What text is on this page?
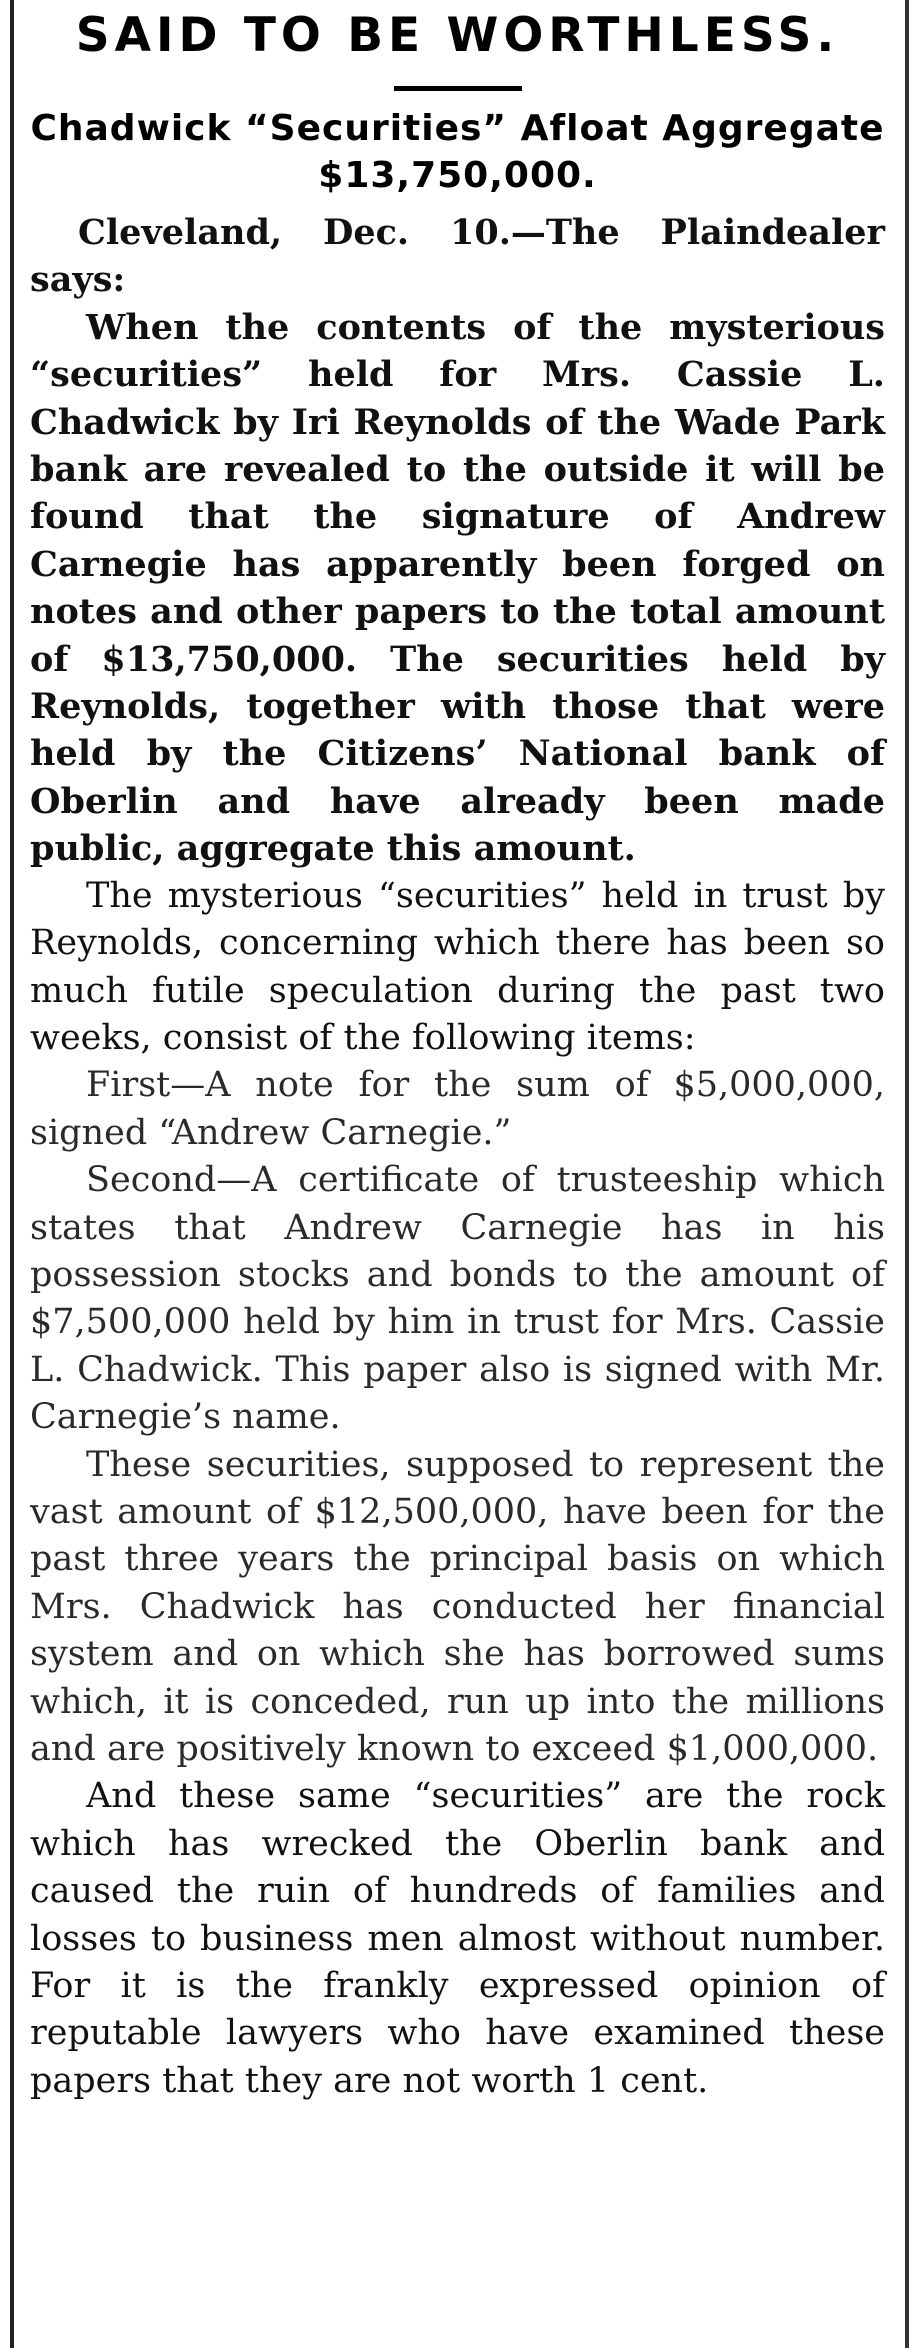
SAID TO BE WORTHLESS.
Chadwick “Securities” Afloat Aggregate $13,750,000.

Cleveland, Dec. 10.—The Plaindealer says:

When the contents of the mysterious “securities” held for Mrs. Cassie L. Chadwick by Iri Reynolds of the Wade Park bank are revealed to the outside it will be found that the signature of Andrew Carnegie has apparently been forged on notes and other papers to the total amount of $13,750,000. The securities held by Reynolds, together with those that were held by the Citizens’ National bank of Oberlin and have already been made public, aggregate this amount.

The mysterious “securities” held in trust by Reynolds, concerning which there has been so much futile speculation during the past two weeks, consist of the following items:

First—A note for the sum of $5,000,000, signed “Andrew Carnegie.”

Second—A certificate of trusteeship which states that Andrew Carnegie has in his possession stocks and bonds to the amount of $7,500,000 held by him in trust for Mrs. Cassie L. Chadwick. This paper also is signed with Mr. Carnegie’s name.

These securities, supposed to represent the vast amount of $12,500,000, have been for the past three years the principal basis on which Mrs. Chadwick has conducted her financial system and on which she has borrowed sums which, it is conceded, run up into the millions and are positively known to exceed $1,000,000.

And these same “securities” are the rock which has wrecked the Oberlin bank and caused the ruin of hundreds of families and losses to business men almost without number. For it is the frankly expressed opinion of reputable lawyers who have examined these papers that they are not worth 1 cent.
